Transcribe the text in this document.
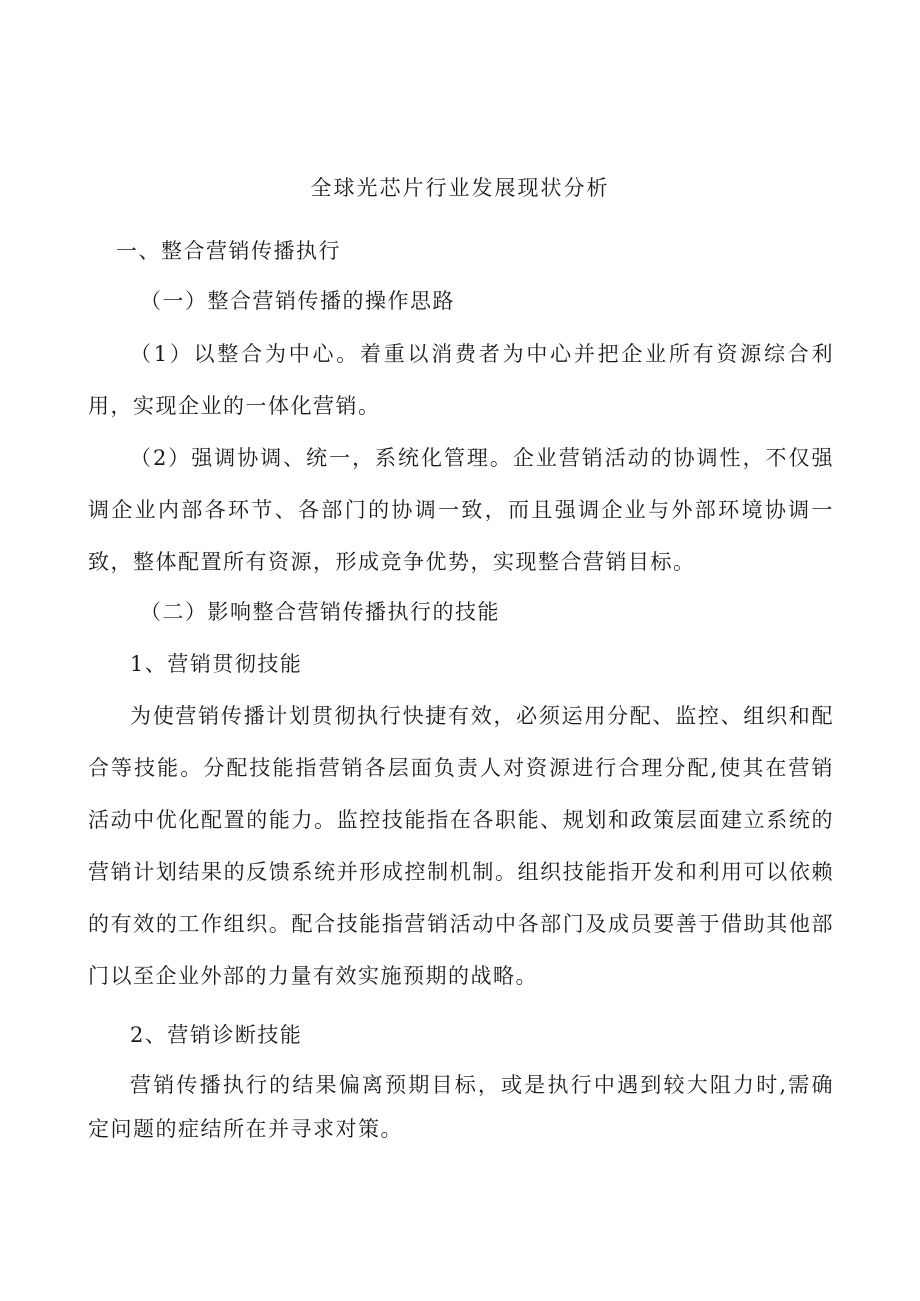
全球光芯片行业发展现状分析
一、整合营销传播执行
（一）整合营销传播的操作思路
（1）以整合为中心。着重以消费者为中心并把企业所有资源综合利用，实现企业的一体化营销。
（2）强调协调、统一，系统化管理。企业营销活动的协调性，不仅强调企业内部各环节、各部门的协调一致，而且强调企业与外部环境协调一致，整体配置所有资源，形成竞争优势，实现整合营销目标。
（二）影响整合营销传播执行的技能
1、营销贯彻技能
为使营销传播计划贯彻执行快捷有效，必须运用分配、监控、组织和配合等技能。分配技能指营销各层面负责人对资源进行合理分配,使其在营销活动中优化配置的能力。监控技能指在各职能、规划和政策层面建立系统的营销计划结果的反馈系统并形成控制机制。组织技能指开发和利用可以依赖的有效的工作组织。配合技能指营销活动中各部门及成员要善于借助其他部门以至企业外部的力量有效实施预期的战略。
2、营销诊断技能
营销传播执行的结果偏离预期目标，或是执行中遇到较大阻力时,需确定问题的症结所在并寻求对策。
